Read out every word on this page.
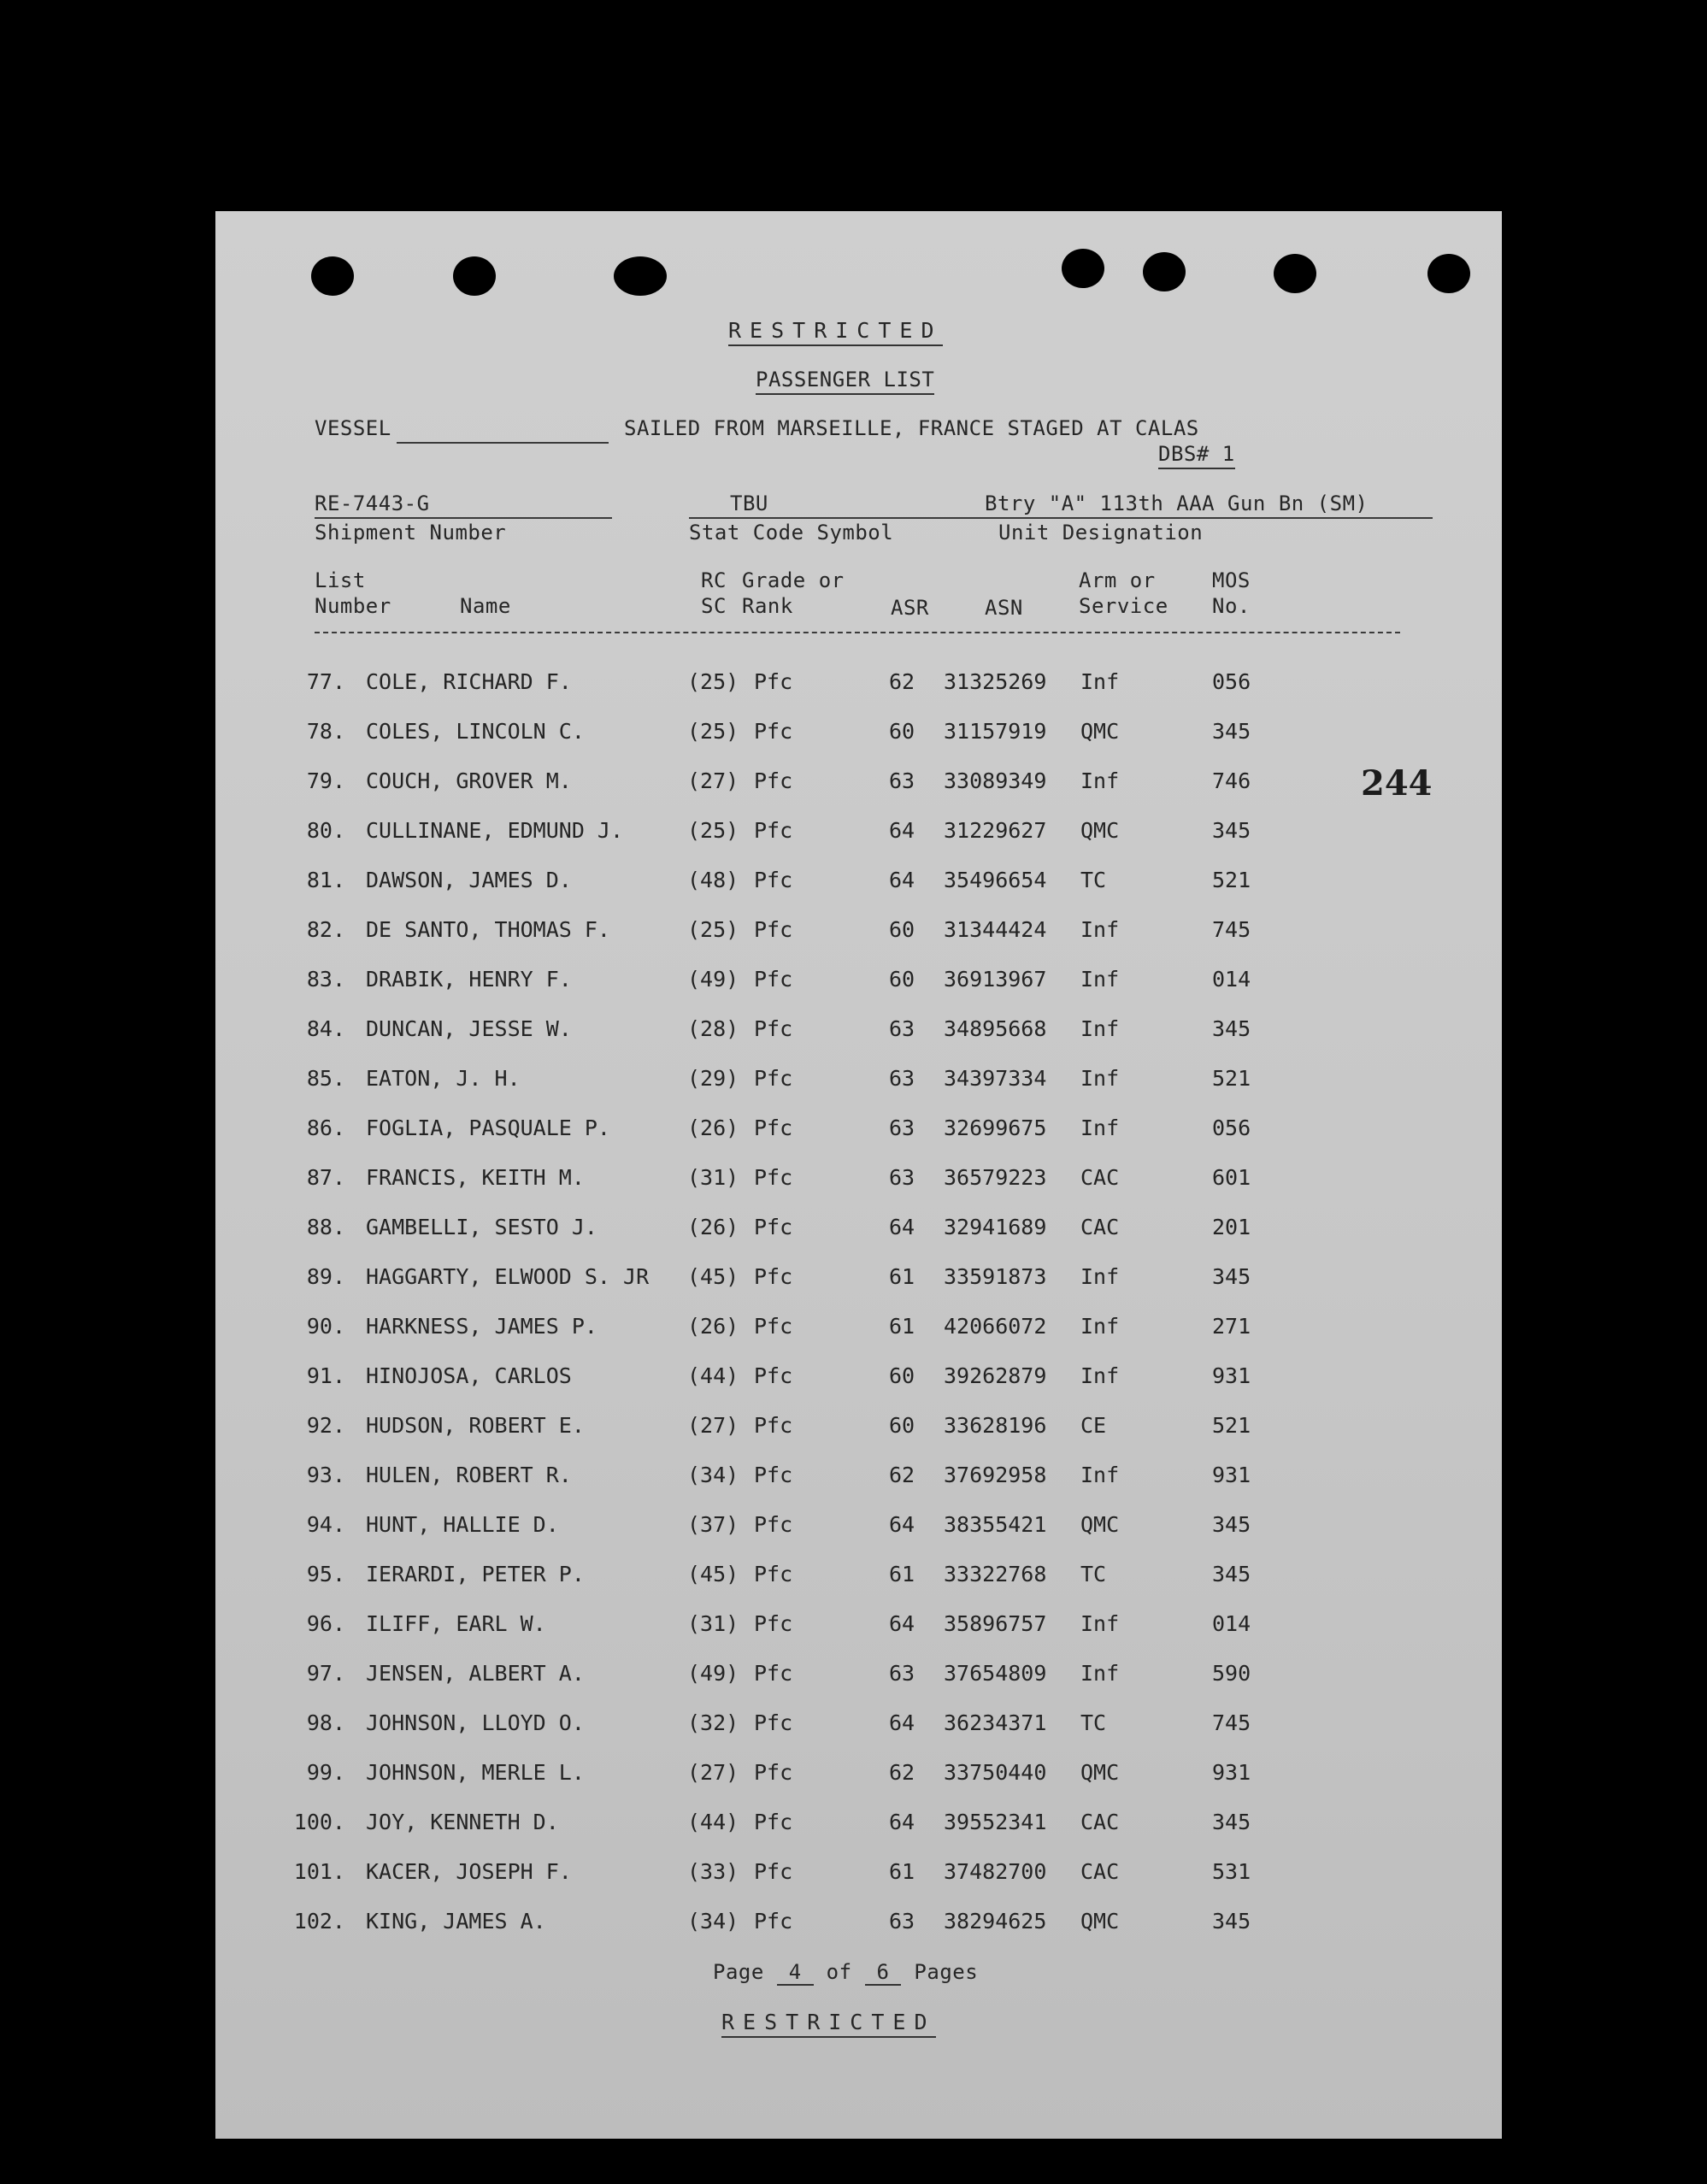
RESTRICTED
PASSENGER LIST
VESSEL	SAILED FROM MARSEILLE, FRANCE STAGED AT CALAS
DBS# 1
RE-7443-G	TBU	Btry "A" 113th AAA Gun Bn (SM)
Shipment Number	Stat Code Symbol	Unit Designation
List
Number	Name
RC
SC
Grade or
Rank	ASR	ASN
Arm or
Service
MOS
No.
77. COLE, RICHARD F.	(25) Pfc	62 31325269 Inf	056
78. COLES, LINCOLN C.	(25) Pfc	60 31157919 QMC	345
79. COUCH, GROVER M.	(27) Pfc	63 33089349 Inf	746
80. CULLINANE, EDMUND J.	(25) Pfc	64 31229627 QMC	345
81. DAWSON, JAMES D.	(48) Pfc	64 35496654 TC	521
82. DE SANTO, THOMAS F.	(25) Pfc	60 31344424 Inf	745
83. DRABIK, HENRY F.	(49) Pfc	60 36913967 Inf	014
84. DUNCAN, JESSE W.	(28) Pfc	63 34895668 Inf	345
85. EATON, J. H.	(29) Pfc	63 34397334 Inf	521
86. FOGLIA, PASQUALE P.	(26) Pfc	63 32699675 Inf	056
87. FRANCIS, KEITH M.	(31) Pfc	63 36579223 CAC	601
88. GAMBELLI, SESTO J.	(26) Pfc	64 32941689 CAC	201
89. HAGGARTY, ELWOOD S. JR (45) Pfc	61 33591873 Inf	345
90. HARKNESS, JAMES P.	(26) Pfc	61 42066072 Inf	271
91. HINOJOSA, CARLOS	(44) Pfc	60 39262879 Inf	931
92. HUDSON, ROBERT E.	(27) Pfc	60 33628196 CE	521
93. HULEN, ROBERT R.	(34) Pfc	62 37692958 Inf	931
94. HUNT, HALLIE D.	(37) Pfc	64 38355421 QMC	345
95. IERARDI, PETER P.	(45) Pfc	61 33322768 TC	345
96. ILIFF, EARL W.	(31) Pfc	64 35896757 Inf	014
97. JENSEN, ALBERT A.	(49) Pfc	63 37654809 Inf	590
98. JOHNSON, LLOYD O.	(32) Pfc	64 36234371 TC	745
99. JOHNSON, MERLE L.	(27) Pfc	62 33750440 QMC	931
100. JOY, KENNETH D.	(44) Pfc	64 39552341 CAC	345
101. KACER, JOSEPH F.	(33) Pfc	61 37482700 CAC	531
102. KING, JAMES A.	(34) Pfc	63 38294625 QMC	345
244
Page 4 of 6 Pages
RESTRICTED
